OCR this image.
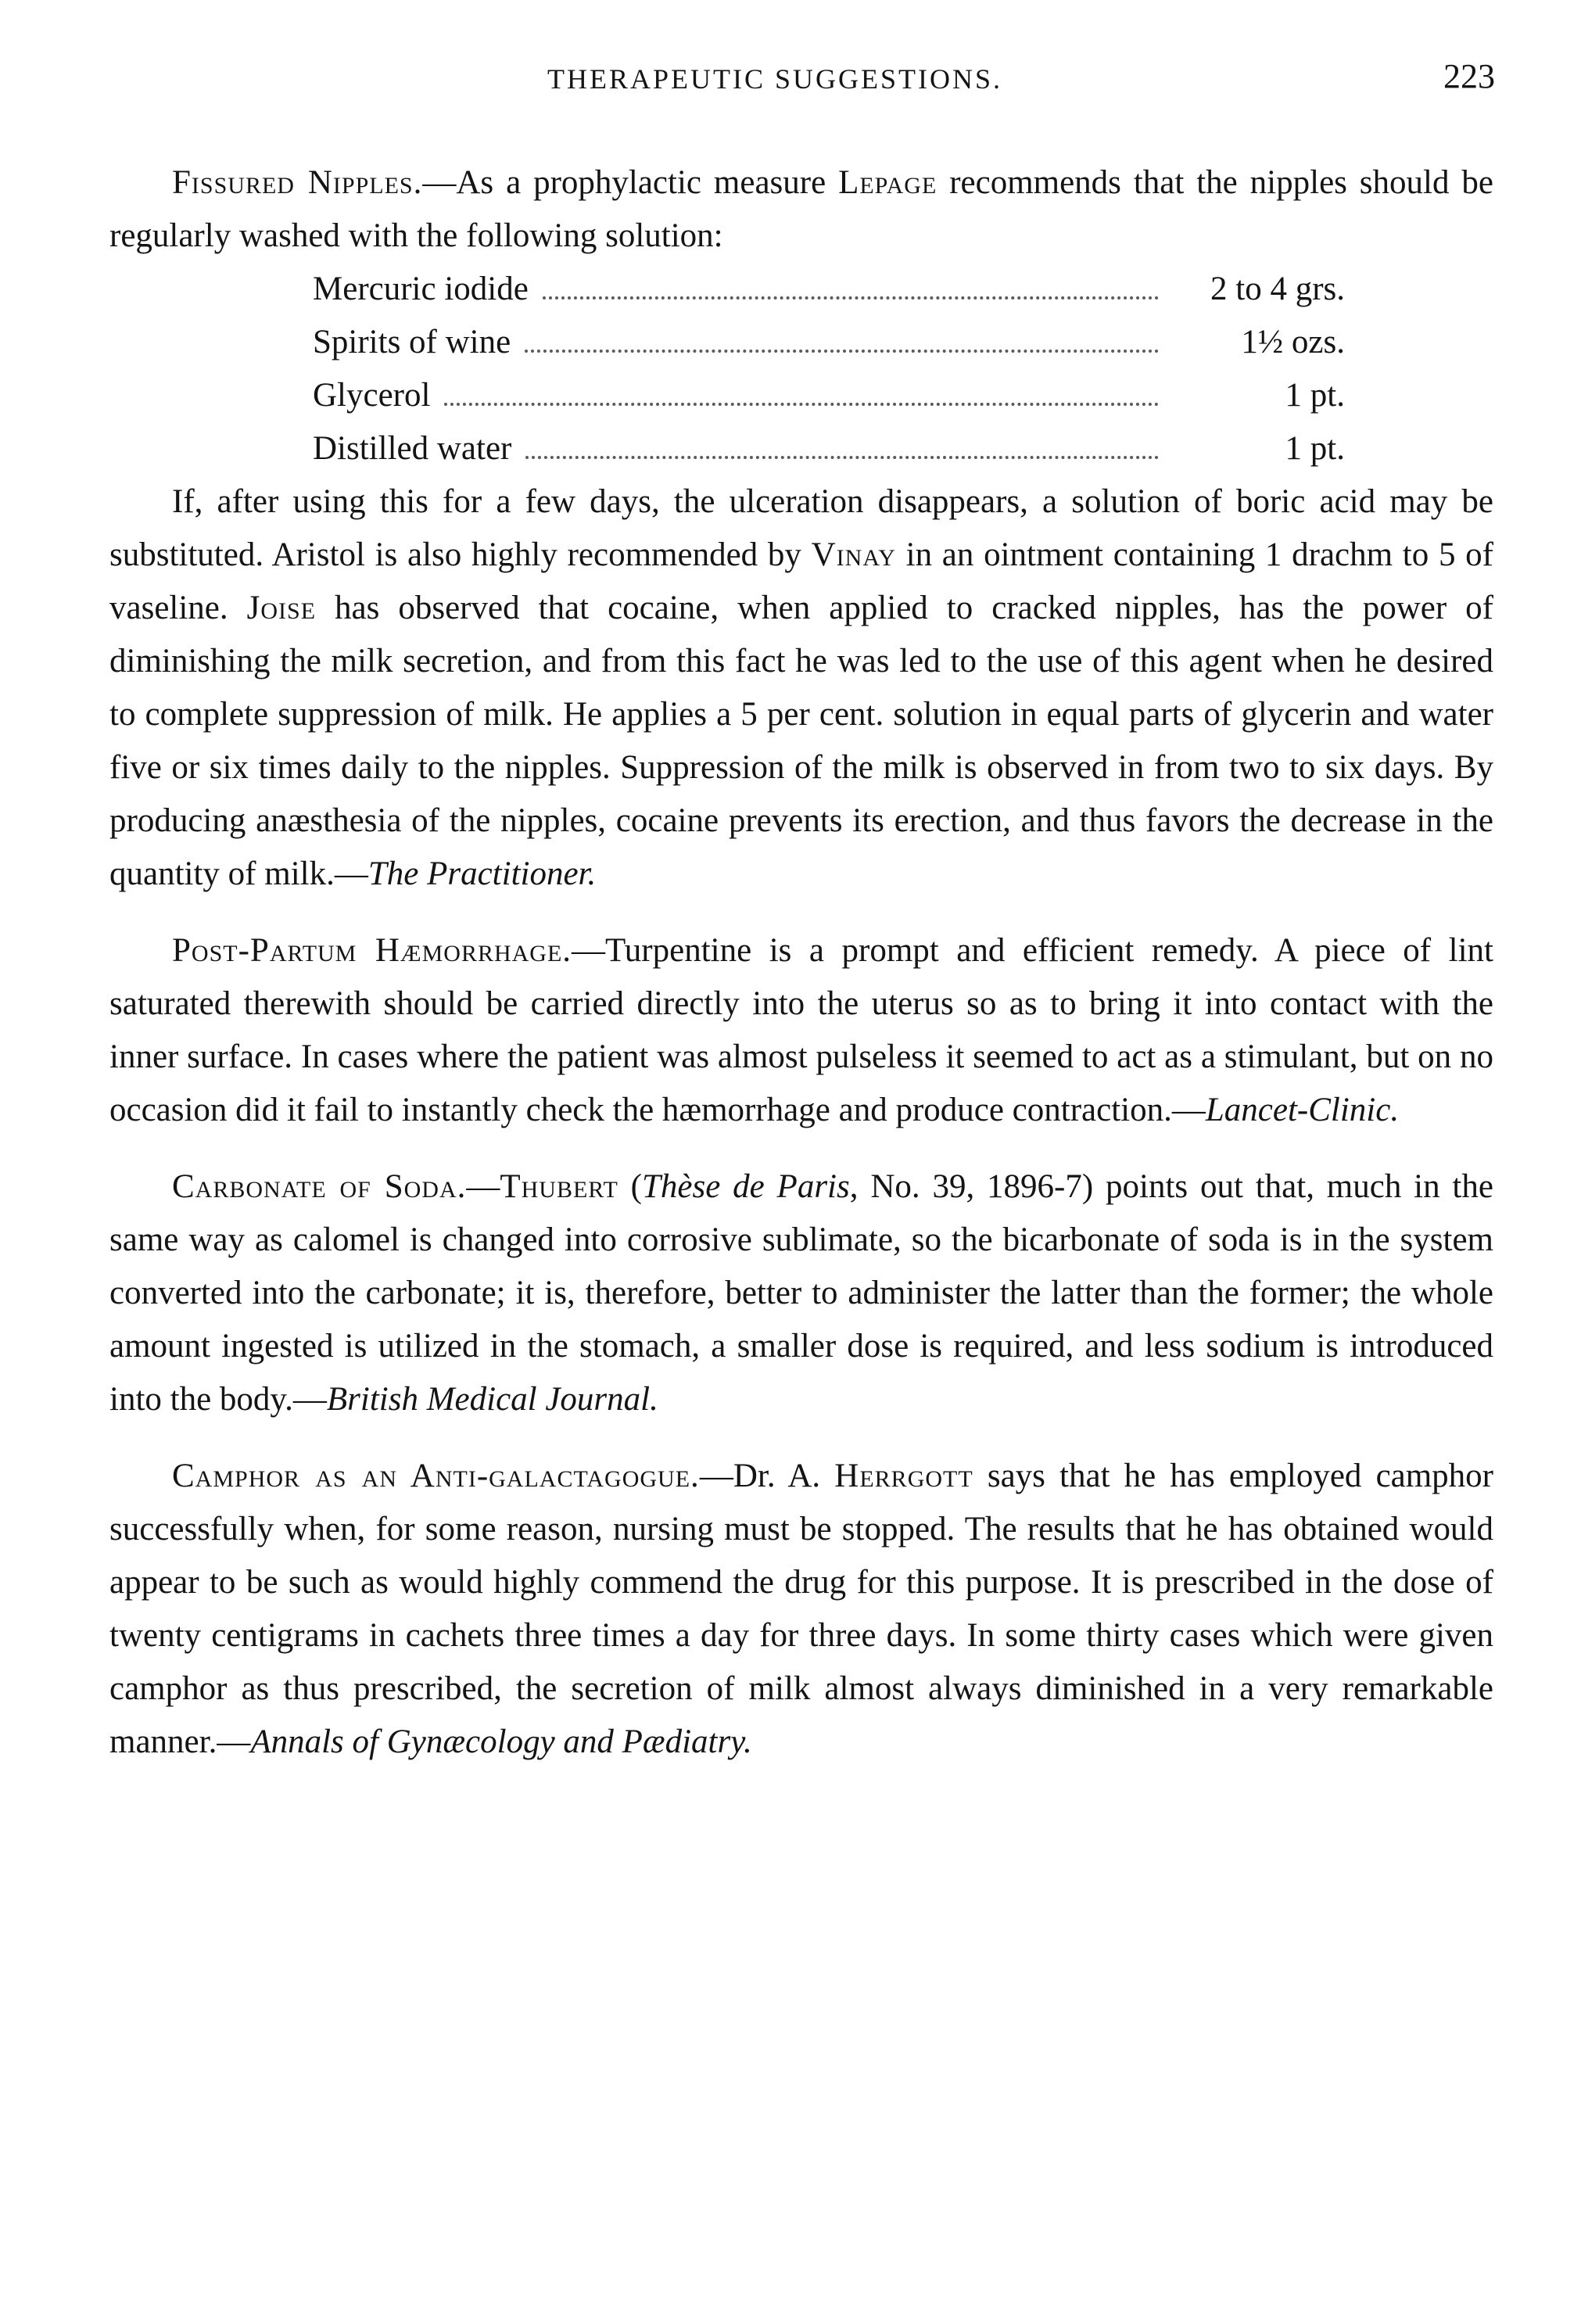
THERAPEUTIC SUGGESTIONS.	223

Fissured Nipples.—As a prophylactic measure Lepage recommends that the nipples should be regularly washed with the following solution:

Mercuric iodide	2 to 4 grs.
Spirits of wine	1½ ozs.
Glycerol	1 pt.
Distilled water	1 pt.

If, after using this for a few days, the ulceration disappears, a solution of boric acid may be substituted. Aristol is also highly recommended by Vinay in an ointment containing 1 drachm to 5 of vaseline. Joise has observed that cocaine, when applied to cracked nipples, has the power of diminishing the milk secretion, and from this fact he was led to the use of this agent when he desired to complete suppression of milk. He applies a 5 per cent. solution in equal parts of glycerin and water five or six times daily to the nipples. Suppression of the milk is observed in from two to six days. By producing anæsthesia of the nipples, cocaine prevents its erection, and thus favors the decrease in the quantity of milk.—The Practitioner.

Post-Partum Hæmorrhage.—Turpentine is a prompt and efficient remedy. A piece of lint saturated therewith should be carried directly into the uterus so as to bring it into contact with the inner surface. In cases where the patient was almost pulseless it seemed to act as a stimulant, but on no occasion did it fail to instantly check the hæmorrhage and produce contraction.—Lancet-Clinic.

Carbonate of Soda.—Thubert (Thèse de Paris, No. 39, 1896-7) points out that, much in the same way as calomel is changed into corrosive sublimate, so the bicarbonate of soda is in the system converted into the carbonate; it is, therefore, better to administer the latter than the former; the whole amount ingested is utilized in the stomach, a smaller dose is required, and less sodium is introduced into the body.—British Medical Journal.

Camphor as an Anti-galactagogue.—Dr. A. Herrgott says that he has employed camphor successfully when, for some reason, nursing must be stopped. The results that he has obtained would appear to be such as would highly commend the drug for this purpose. It is prescribed in the dose of twenty centigrams in cachets three times a day for three days. In some thirty cases which were given camphor as thus prescribed, the secretion of milk almost always diminished in a very remarkable manner.—Annals of Gynæcology and Pædiatry.
